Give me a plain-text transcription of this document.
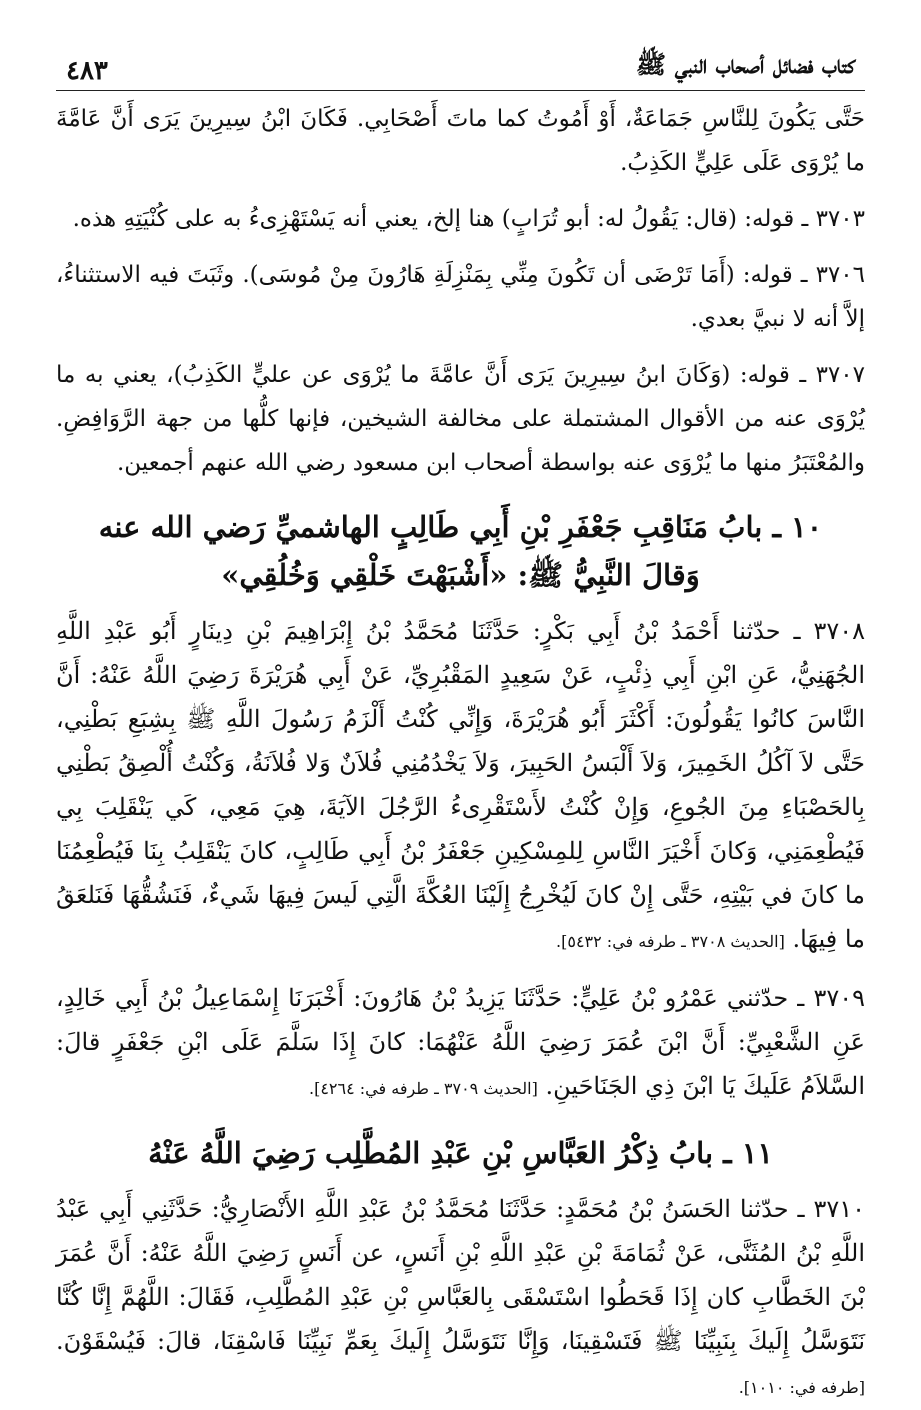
كتاب فضائل أصحاب النبي ﷺ
٤٨٣

حَتَّى يَكُونَ لِلنَّاسِ جَمَاعَةٌ، أَوْ أَمُوتُ كما ماتَ أَصْحَابِي. فَكَانَ ابْنُ سِيرِينَ يَرَى أَنَّ عَامَّةَ ما يُرْوَى عَلَى عَلِيٍّ الكَذِبُ.

٣٧٠٣ ـ قوله: (قال: يَقُولُ له: أبو تُرَابٍ) هنا إلخ، يعني أنه يَسْتَهْزِىءُ به على كُنْيَتِهِ هذه.

٣٧٠٦ ـ قوله: (أَمَا تَرْضَى أن تَكُونَ مِنِّي بِمَنْزِلَةِ هَارُونَ مِنْ مُوسَى). وثَبَتَ فيه الاستثناءُ، إلاَّ أنه لا نبيَّ بعدي.

٣٧٠٧ ـ قوله: (وَكَانَ ابنُ سِيرِينَ يَرَى أَنَّ عامَّةَ ما يُرْوَى عن عليٍّ الكَذِبُ)، يعني به ما يُرْوَى عنه من الأقوال المشتملة على مخالفة الشيخين، فإنها كلُّها من جهة الرَّوَافِضِ. والمُعْتَبَرُ منها ما يُرْوَى عنه بواسطة أصحاب ابن مسعود رضي الله عنهم أجمعين.

١٠ ـ بابُ مَنَاقِبِ جَعْفَرِ بْنِ أَبِي طَالِبٍ الهاشميِّ رَضي الله عنه
وَقالَ النَّبِيُّ ﷺ: «أَشْبَهْتَ خَلْقِي وَخُلُقِي»

٣٧٠٨ ـ حدّثنا أَحْمَدُ بْنُ أَبِي بَكْرٍ: حَدَّثَنَا مُحَمَّدُ بْنُ إِبْرَاهِيمَ بْنِ دِينَارٍ أَبُو عَبْدِ اللَّهِ الجُهَنِيُّ، عَنِ ابْنِ أَبِي ذِئْبٍ، عَنْ سَعِيدٍ المَقْبُرِيِّ، عَنْ أَبِي هُرَيْرَةَ رَضِيَ اللَّهُ عَنْهُ: أَنَّ النَّاسَ كانُوا يَقُولُونَ: أَكْثَرَ أَبُو هُرَيْرَةَ، وَإِنِّي كُنْتُ أَلْزَمُ رَسُولَ اللَّهِ ﷺ بِشِبَعِ بَطْنِي، حَتَّى لاَ آكُلُ الخَمِيرَ، وَلاَ أَلْبَسُ الحَبِيرَ، وَلاَ يَخْدُمُنِي فُلاَنٌ وَلا فُلاَنَةُ، وَكُنْتُ أُلْصِقُ بَطْنِي بِالحَصْبَاءِ مِنَ الجُوعِ، وَإِنْ كُنْتُ لأَسْتَقْرِىءُ الرَّجُلَ الآيَةَ، هِيَ مَعِي، كَي يَنْقَلِبَ بِي فَيُطْعِمَنِي، وَكانَ أَخْيَرَ النَّاسِ لِلمِسْكِينِ جَعْفَرُ بْنُ أَبِي طَالِبٍ، كانَ يَنْقَلِبُ بِنَا فَيُطْعِمُنَا ما كانَ في بَيْتِهِ، حَتَّى إِنْ كانَ لَيُخْرِجُ إِلَيْنَا العُكَّةَ الَّتِي لَيسَ فِيهَا شَيءٌ، فَنَشُقُّهَا فَنَلعَقُ ما فِيهَا. [الحديث ٣٧٠٨ ـ طرفه في: ٥٤٣٢].

٣٧٠٩ ـ حدّثني عَمْرُو بْنُ عَلِيٍّ: حَدَّثَنَا يَزِيدُ بْنُ هَارُونَ: أَخْبَرَنَا إِسْمَاعِيلُ بْنُ أَبِي خَالِدٍ، عَنِ الشَّعْبِيِّ: أَنَّ ابْنَ عُمَرَ رَضِيَ اللَّهُ عَنْهُمَا: كانَ إِذَا سَلَّمَ عَلَى ابْنِ جَعْفَرٍ قالَ: السَّلاَمُ عَلَيكَ يَا ابْنَ ذِي الجَنَاحَينِ. [الحديث ٣٧٠٩ ـ طرفه في: ٤٢٦٤].

١١ ـ بابُ ذِكْرُ العَبَّاسِ بْنِ عَبْدِ المُطَّلِب رَضِيَ اللَّهُ عَنْهُ

٣٧١٠ ـ حدّثنا الحَسَنُ بْنُ مُحَمَّدٍ: حَدَّثَنَا مُحَمَّدُ بْنُ عَبْدِ اللَّهِ الأَنْصَارِيُّ: حَدَّثَنِي أَبِي عَبْدُ اللَّهِ بْنُ المُثَنَّى، عَنْ ثُمَامَةَ بْنِ عَبْدِ اللَّهِ بْنِ أَنَسٍ، عن أَنَسٍ رَضِيَ اللَّهُ عَنْهُ: أَنَّ عُمَرَ بْنَ الخَطَّابِ كان إِذَا قَحَطُوا اسْتَسْقَى بِالعَبَّاسِ بْنِ عَبْدِ المُطَّلِبِ، فَقَالَ: اللَّهُمَّ إِنَّا كُنَّا نَتَوَسَّلُ إِلَيكَ بِنَبِيِّنَا ﷺ فَتَسْقِينَا، وَإِنَّا نَتَوَسَّلُ إِلَيكَ بِعَمِّ نَبِيِّنَا فَاسْقِنَا، قالَ: فَيُسْقَوْنَ. [طرفه في: ١٠١٠].
